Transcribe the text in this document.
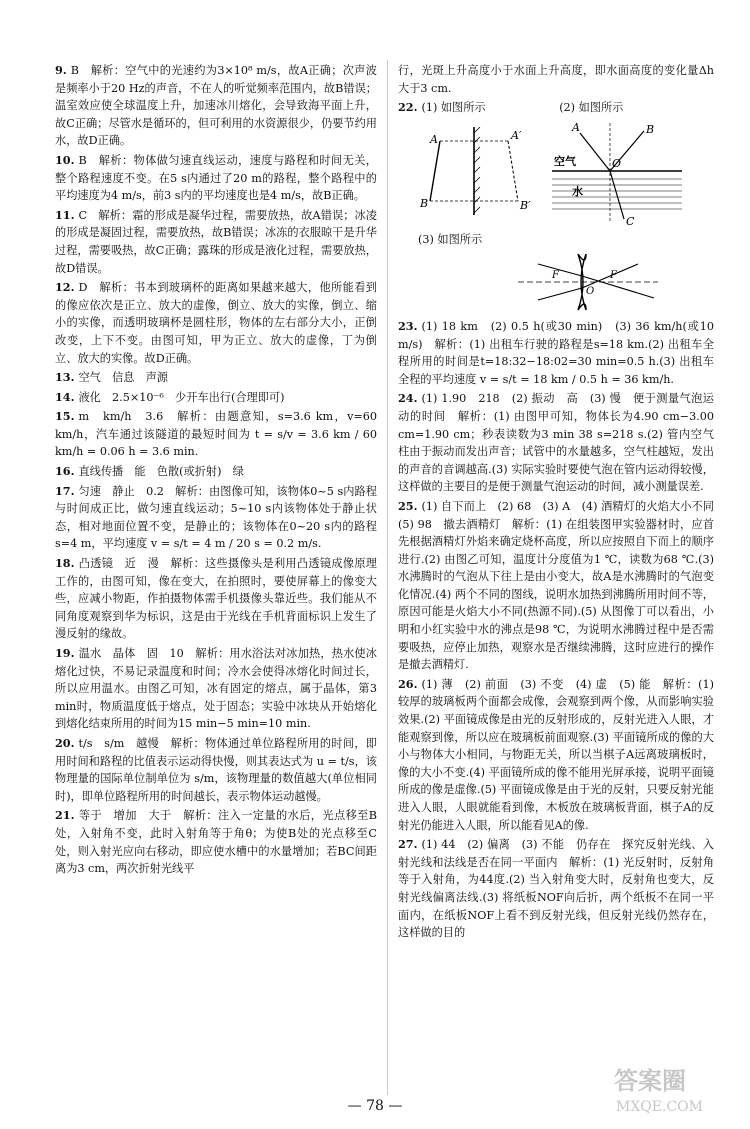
9. B　解析：空气中的光速约为3×10⁸ m/s，故A正确；次声波是频率小于20 Hz的声音，不在人的听觉频率范围内，故B错误；温室效应使全球温度上升，加速冰川熔化，会导致海平面上升，故C正确；尽管水是循环的，但可利用的水资源很少，仍要节约用水，故D正确。
10. B　解析：物体做匀速直线运动，速度与路程和时间无关，整个路程速度不变。在5 s内通过了20 m的路程，整个路程中的平均速度为4 m/s，前3 s内的平均速度也是4 m/s，故B正确。
11. C　解析：霜的形成是凝华过程，需要放热，故A错误；冰凌的形成是凝固过程，需要放热，故B错误；冰冻的衣服晾干是升华过程，需要吸热，故C正确；露珠的形成是液化过程，需要放热，故D错误。
12. D　解析：书本到玻璃杯的距离如果越来越大，他所能看到的像应依次是正立、放大的虚像，倒立、放大的实像，倒立、缩小的实像，而透明玻璃杯是圆柱形，物体的左右部分大小，正倒改变，上下不变。由图可知，甲为正立、放大的虚像，丁为倒立、放大的实像。故D正确。
13. 空气　信息　声源
14. 液化　2.5×10⁻⁶　少开车出行(合理即可)
15. m　km/h　3.6　解析：由题意知，s=3.6 km，v=60 km/h，汽车通过该隧道的最短时间为 t = s/v = 3.6 km / 60 km/h = 0.06 h = 3.6 min.
16. 直线传播　能　色散(或折射)　绿
17. 匀速　静止　0.2　解析：由图像可知，该物体0~5 s内路程与时间成正比，做匀速直线运动；5~10 s内该物体处于静止状态，相对地面位置不变，是静止的；该物体在0~20 s内的路程s=4 m，平均速度 v = s/t = 4 m / 20 s = 0.2 m/s.
18. 凸透镜　近　漫　解析：这些摄像头是利用凸透镜成像原理工作的，由图可知，像在变大，在拍照时，要使屏幕上的像变大些，应减小物距，作拍摄物体需手机摄像头靠近些。我们能从不同角度观察到华为标识，这是由于光线在手机背面标识上发生了漫反射的缘故。
19. 温水　晶体　固　10　解析：用水浴法对冰加热，热水使冰熔化过快，不易记录温度和时间；冷水会使得冰熔化时间过长，所以应用温水。由图乙可知，冰有固定的熔点，属于晶体，第3 min时，物质温度低于熔点，处于固态；实验中冰块从开始熔化到熔化结束所用的时间为15 min−5 min=10 min.
20. t/s　s/m　越慢　解析：物体通过单位路程所用的时间，即用时间和路程的比值表示运动得快慢，则其表达式为 u = t/s，该物理量的国际单位制单位为 s/m，该物理量的数值越大(单位相同时)，即单位路程所用的时间越长，表示物体运动越慢。
21. 等于　增加　大于　解析：注入一定量的水后，光点移至B处，入射角不变，此时入射角等于角θ；为使B处的光点移至C处，则入射光应向右移动，即应使水槽中的水量增加；若BC间距离为3 cm，两次折射光线平
行，光斑上升高度小于水面上升高度，即水面高度的变化量Δh大于3 cm.
22. (1) 如图所示	(2) 如图所示
A	A′
B	B′
A	B
O
C
空气
水
(3) 如图所示
F	F
O
23. (1) 18 km　(2) 0.5 h(或30 min)　(3) 36 km/h(或10 m/s)　解析：(1) 出租车行驶的路程是s=18 km.(2) 出租车全程所用的时间是t=18:32−18:02=30 min=0.5 h.(3) 出租车全程的平均速度 v = s/t = 18 km / 0.5 h = 36 km/h.
24. (1) 1.90　218　(2) 振动　高　(3) 慢　便于测量气泡运动的时间　解析：(1) 由图甲可知，物体长为4.90 cm−3.00 cm=1.90 cm；秒表读数为3 min 38 s=218 s.(2) 管内空气柱由于振动而发出声音；试管中的水量越多，空气柱越短，发出的声音的音调越高.(3) 实际实验时要使气泡在管内运动得较慢，这样做的主要目的是便于测量气泡运动的时间，减小测量误差.
25. (1) 自下而上　(2) 68　(3) A　(4) 酒精灯的火焰大小不同　(5) 98　撤去酒精灯　解析：(1) 在组装图甲实验器材时，应首先根据酒精灯外焰来确定烧杯高度，所以应按照自下而上的顺序进行.(2) 由图乙可知，温度计分度值为1 ℃，读数为68 ℃.(3) 水沸腾时的气泡从下往上是由小变大，故A是水沸腾时的气泡变化情况.(4) 两个不同的图线，说明水加热到沸腾所用时间不等，原因可能是火焰大小不同(热源不同).(5) 从图像丁可以看出，小明和小红实验中水的沸点是98 ℃，为说明水沸腾过程中是否需要吸热，应停止加热，观察水是否继续沸腾，这时应进行的操作是撤去酒精灯.
26. (1) 薄　(2) 前面　(3) 不变　(4) 虚　(5) 能　解析：(1) 较厚的玻璃板两个面都会成像，会观察到两个像，从而影响实验效果.(2) 平面镜成像是由光的反射形成的，反射光进入人眼，才能观察到像，所以应在玻璃板前面观察.(3) 平面镜所成的像的大小与物体大小相同，与物距无关，所以当棋子A远离玻璃板时，像的大小不变.(4) 平面镜所成的像不能用光屏承接，说明平面镜所成的像是虚像.(5) 平面镜成像是由于光的反射，只要反射光能进入人眼，人眼就能看到像，木板放在玻璃板背面，棋子A的反射光仍能进入人眼，所以能看见A的像.
27. (1) 44　(2) 偏离　(3) 不能　仍存在　探究反射光线、入射光线和法线是否在同一平面内　解析：(1) 光反射时，反射角等于入射角，为44度.(2) 当入射角变大时，反射角也变大，反射光线偏离法线.(3) 将纸板NOF向后折，两个纸板不在同一平面内，在纸板NOF上看不到反射光线，但反射光线仍然存在，这样做的目的
— 78 —
答案圈
MXQE.COM
